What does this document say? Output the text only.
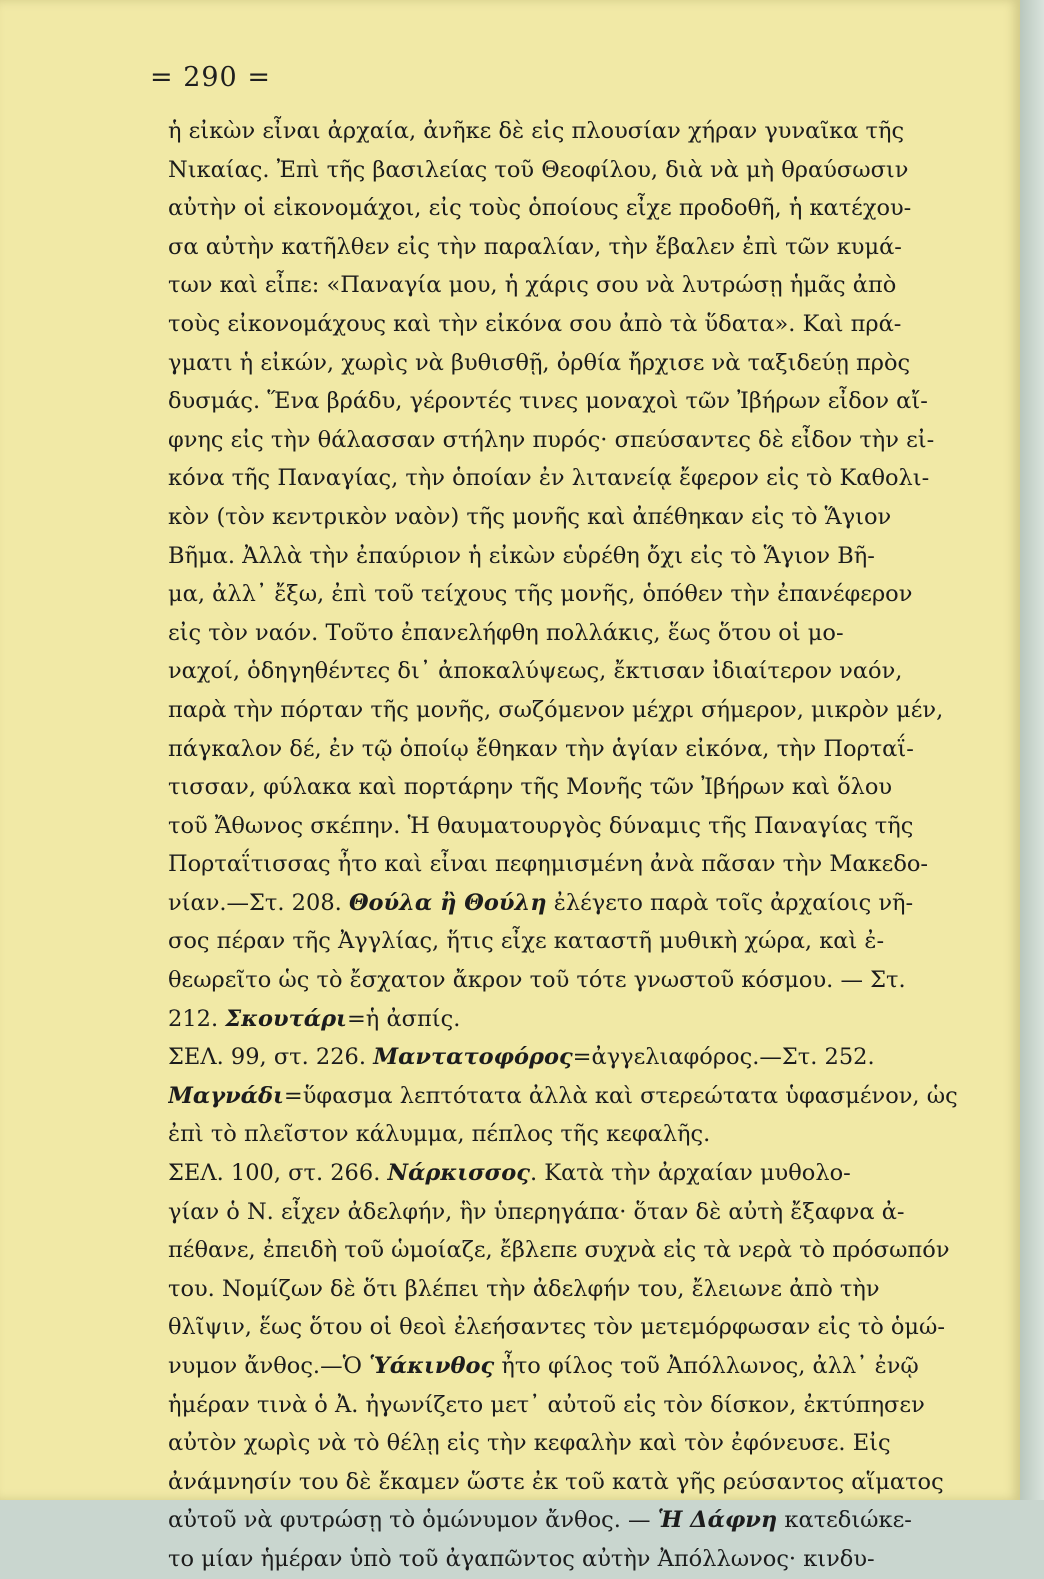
= 290 =
ἡ εἰκὼν εἶναι ἀρχαία, ἀνῆκε δὲ εἰς πλουσίαν χήραν γυναῖκα τῆς
Νικαίας. Ἐπὶ τῆς βασιλείας τοῦ Θεοφίλου, διὰ νὰ μὴ θραύσωσιν
αὐτὴν οἱ εἰκονομάχοι, εἰς τοὺς ὁποίους εἶχε προδοθῆ, ἡ κατέχου-
σα αὐτὴν κατῆλθεν εἰς τὴν παραλίαν, τὴν ἔβαλεν ἐπὶ τῶν κυμά-
των καὶ εἶπε: «Παναγία μου, ἡ χάρις σου νὰ λυτρώσῃ ἡμᾶς ἀπὸ
τοὺς εἰκονομάχους καὶ τὴν εἰκόνα σου ἀπὸ τὰ ὕδατα». Καὶ πρά-
γματι ἡ εἰκών, χωρὶς νὰ βυθισθῇ, ὀρθία ἤρχισε νὰ ταξιδεύῃ πρὸς
δυσμάς. Ἕνα βράδυ, γέροντές τινες μοναχοὶ τῶν Ἰβήρων εἶδον αἴ-
φνης εἰς τὴν θάλασσαν στήλην πυρός· σπεύσαντες δὲ εἶδον τὴν εἰ-
κόνα τῆς Παναγίας, τὴν ὁποίαν ἐν λιτανείᾳ ἔφερον εἰς τὸ Καθολι-
κὸν (τὸν κεντρικὸν ναὸν) τῆς μονῆς καὶ ἀπέθηκαν εἰς τὸ Ἅγιον
Βῆμα. Ἀλλὰ τὴν ἐπαύριον ἡ εἰκὼν εὑρέθη ὄχι εἰς τὸ Ἅγιον Βῆ-
μα, ἀλλ᾽ ἔξω, ἐπὶ τοῦ τείχους τῆς μονῆς, ὁπόθεν τὴν ἐπανέφερον
εἰς τὸν ναόν. Τοῦτο ἐπανελήφθη πολλάκις, ἕως ὅτου οἱ μο-
ναχοί, ὁδηγηθέντες δι᾽ ἀποκαλύψεως, ἔκτισαν ἰδιαίτερον ναόν,
παρὰ τὴν πόρταν τῆς μονῆς, σωζόμενον μέχρι σήμερον, μικρὸν μέν,
πάγκαλον δέ, ἐν τῷ ὁποίῳ ἔθηκαν τὴν ἁγίαν εἰκόνα, τὴν Πορταΐ-
τισσαν, φύλακα καὶ πορτάρην τῆς Μονῆς τῶν Ἰβήρων καὶ ὅλου
τοῦ Ἄθωνος σκέπην. Ἡ θαυματουργὸς δύναμις τῆς Παναγίας τῆς
Πορταΐτισσας ἦτο καὶ εἶναι πεφημισμένη ἀνὰ πᾶσαν τὴν Μακεδο-
νίαν.—Στ. 208. Θούλα ἢ Θούλη ἐλέγετο παρὰ τοῖς ἀρχαίοις νῆ-
σος πέραν τῆς Ἀγγλίας, ἥτις εἶχε καταστῆ μυθικὴ χώρα, καὶ ἐ-
θεωρεῖτο ὡς τὸ ἔσχατον ἄκρον τοῦ τότε γνωστοῦ κόσμου. — Στ.
212. Σκουτάρι=ἡ ἀσπίς.
ΣΕΛ. 99, στ. 226. Μαντατοφόρος=ἀγγελιαφόρος.—Στ. 252.
Μαγνάδι=ὕφασμα λεπτότατα ἀλλὰ καὶ στερεώτατα ὑφασμένον, ὡς
ἐπὶ τὸ πλεῖστον κάλυμμα, πέπλος τῆς κεφαλῆς.
ΣΕΛ. 100, στ. 266. Νάρκισσος. Κατὰ τὴν ἀρχαίαν μυθολο-
γίαν ὁ Ν. εἶχεν ἀδελφήν, ἣν ὑπερηγάπα· ὅταν δὲ αὐτὴ ἔξαφνα ἀ-
πέθανε, ἐπειδὴ τοῦ ὡμοίαζε, ἔβλεπε συχνὰ εἰς τὰ νερὰ τὸ πρόσωπόν
του. Νομίζων δὲ ὅτι βλέπει τὴν ἀδελφήν του, ἔλειωνε ἀπὸ τὴν
θλῖψιν, ἕως ὅτου οἱ θεοὶ ἐλεήσαντες τὸν μετεμόρφωσαν εἰς τὸ ὁμώ-
νυμον ἄνθος.—Ὁ Ὑάκινθος ἦτο φίλος τοῦ Ἀπόλλωνος, ἀλλ᾽ ἐνῷ
ἡμέραν τινὰ ὁ Ἀ. ἠγωνίζετο μετ᾽ αὐτοῦ εἰς τὸν δίσκον, ἐκτύπησεν
αὐτὸν χωρὶς νὰ τὸ θέλῃ εἰς τὴν κεφαλὴν καὶ τὸν ἐφόνευσε. Εἰς
ἀνάμνησίν του δὲ ἔκαμεν ὥστε ἐκ τοῦ κατὰ γῆς ρεύσαντος αἵματος
αὐτοῦ νὰ φυτρώσῃ τὸ ὁμώνυμον ἄνθος. — Ἡ Δάφνη κατεδιώκε-
το μίαν ἡμέραν ὑπὸ τοῦ ἀγαπῶντος αὐτὴν Ἀπόλλωνος· κινδυ-
